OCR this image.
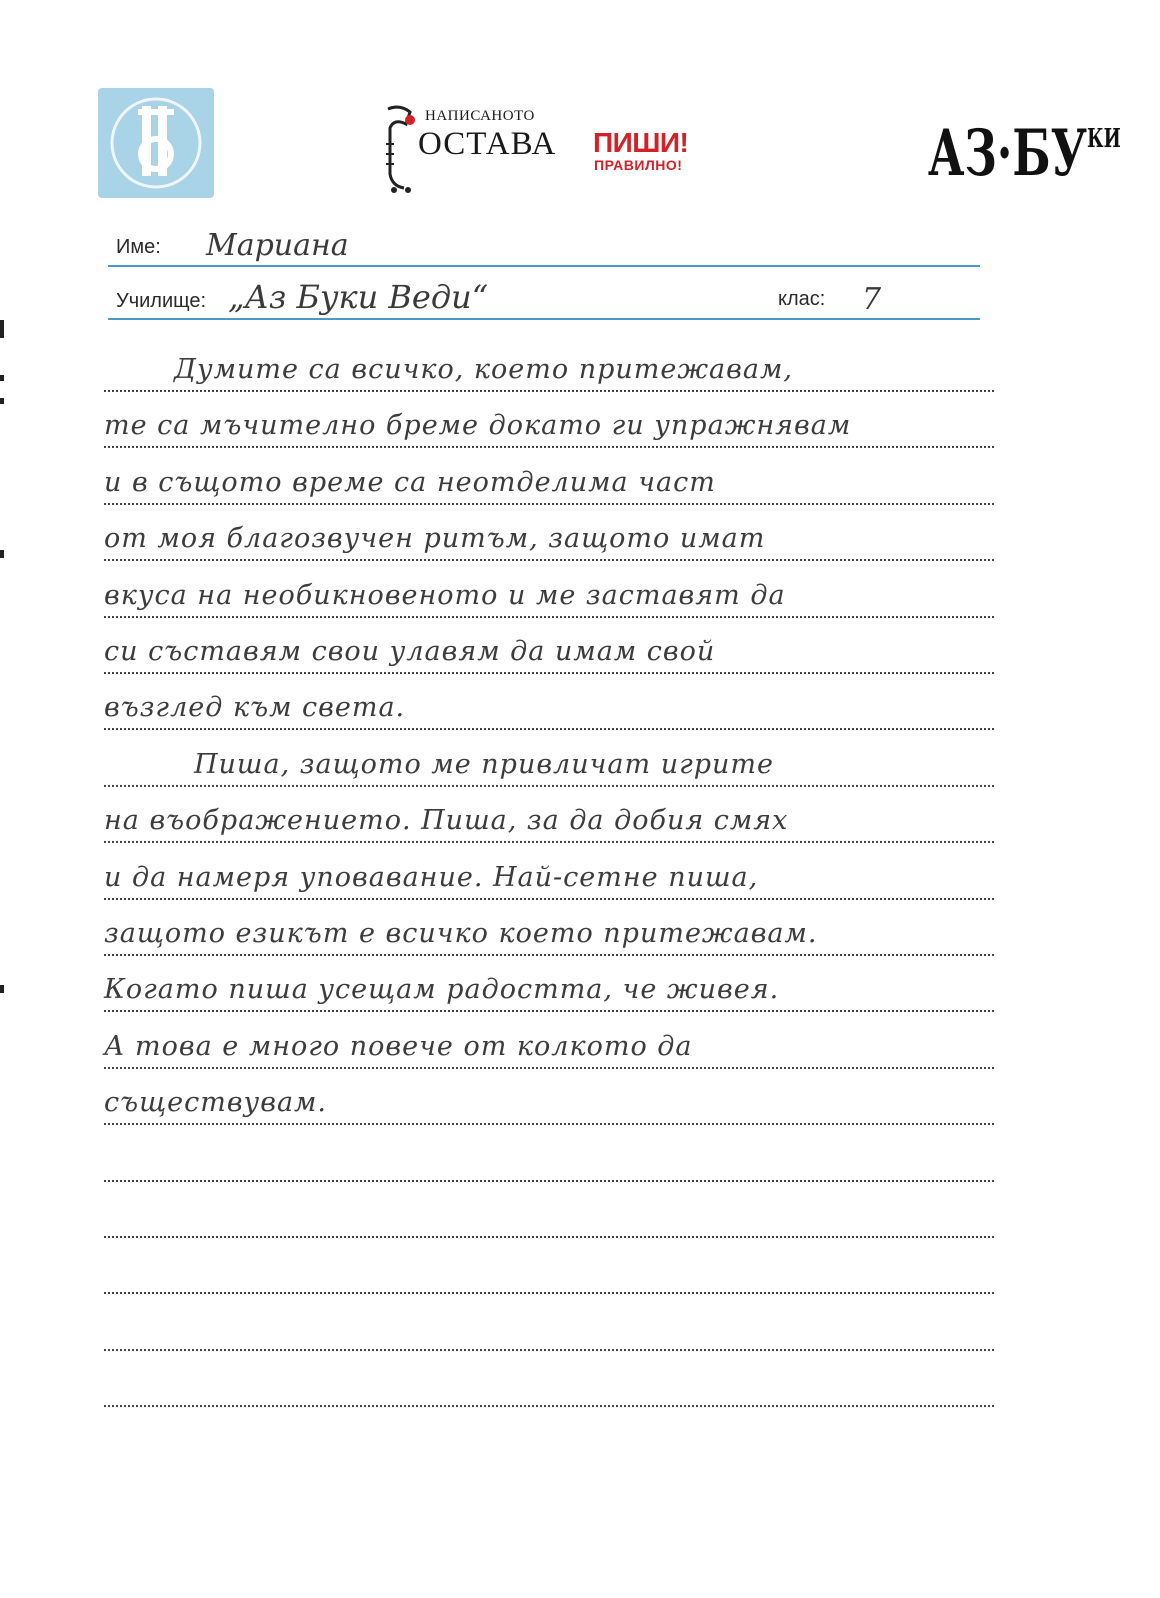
НАПИСАНОТО
ОСТАВА ПИШИ!
ПРАВИЛНО!	$АЗ\cdot БУ^{КИ}$
Име: Мариана
Училище: „Аз Буки Веди“	клас: 7
Думите са всичко, което притежавам,
те са мъчително бреме докато ги упражнявам
и в същото време са неотделима част
от моя благозвучен ритъм, защото имат
вкуса на необикновеното и ме заставят да
си съставям свои улавям да имам свой
възглед към света.
Пиша, защото ме привличат игрите
на въображението. Пиша, за да добия смях
и да намеря уповавание. Най-сетне пиша,
защото езикът е всичко което притежавам.
Когато пиша усещам радостта, че живея.
А това е много повече от колкото да
съществувам.
